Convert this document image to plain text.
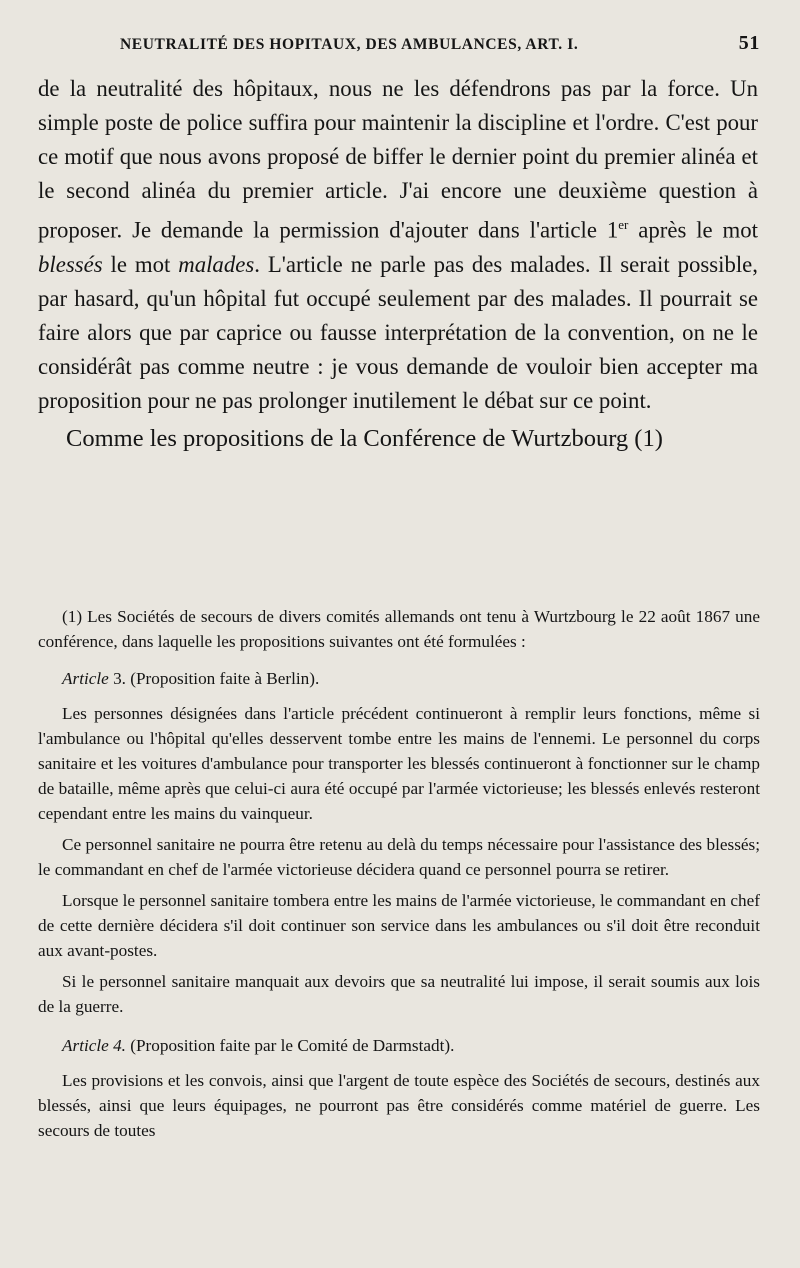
NEUTRALITÉ DES HOPITAUX, DES AMBULANCES, ART. I.	51

de la neutralité des hôpitaux, nous ne les défendrons pas par la force. Un simple poste de police suffira pour maintenir la discipline et l'ordre. C'est pour ce motif que nous avons proposé de biffer le dernier point du premier alinéa et le second alinéa du premier article. J'ai encore une deuxième question à proposer. Je demande la permission d'ajouter dans l'article 1er après le mot blessés le mot malades. L'article ne parle pas des malades. Il serait possible, par hasard, qu'un hôpital fut occupé seulement par des malades. Il pourrait se faire alors que par caprice ou fausse interprétation de la convention, on ne le considérât pas comme neutre : je vous demande de vouloir bien accepter ma proposition pour ne pas prolonger inutilement le débat sur ce point.

Comme les propositions de la Conférence de Wurtzbourg (1)

(1) Les Sociétés de secours de divers comités allemands ont tenu à Wurtzbourg le 22 août 1867 une conférence, dans laquelle les propositions suivantes ont été formulées :

Article 3. (Proposition faite à Berlin).

Les personnes désignées dans l'article précédent continueront à remplir leurs fonctions, même si l'ambulance ou l'hôpital qu'elles desservent tombe entre les mains de l'ennemi. Le personnel du corps sanitaire et les voitures d'ambulance pour transporter les blessés continueront à fonctionner sur le champ de bataille, même après que celui-ci aura été occupé par l'armée victorieuse; les blessés enlevés resteront cependant entre les mains du vainqueur.

Ce personnel sanitaire ne pourra être retenu au delà du temps nécessaire pour l'assistance des blessés; le commandant en chef de l'armée victorieuse décidera quand ce personnel pourra se retirer.

Lorsque le personnel sanitaire tombera entre les mains de l'armée victorieuse, le commandant en chef de cette dernière décidera s'il doit continuer son service dans les ambulances ou s'il doit être reconduit aux avant-postes.

Si le personnel sanitaire manquait aux devoirs que sa neutralité lui impose, il serait soumis aux lois de la guerre.

Article 4. (Proposition faite par le Comité de Darmstadt).

Les provisions et les convois, ainsi que l'argent de toute espèce des Sociétés de secours, destinés aux blessés, ainsi que leurs équipages, ne pourront pas être considérés comme matériel de guerre. Les secours de toutes
